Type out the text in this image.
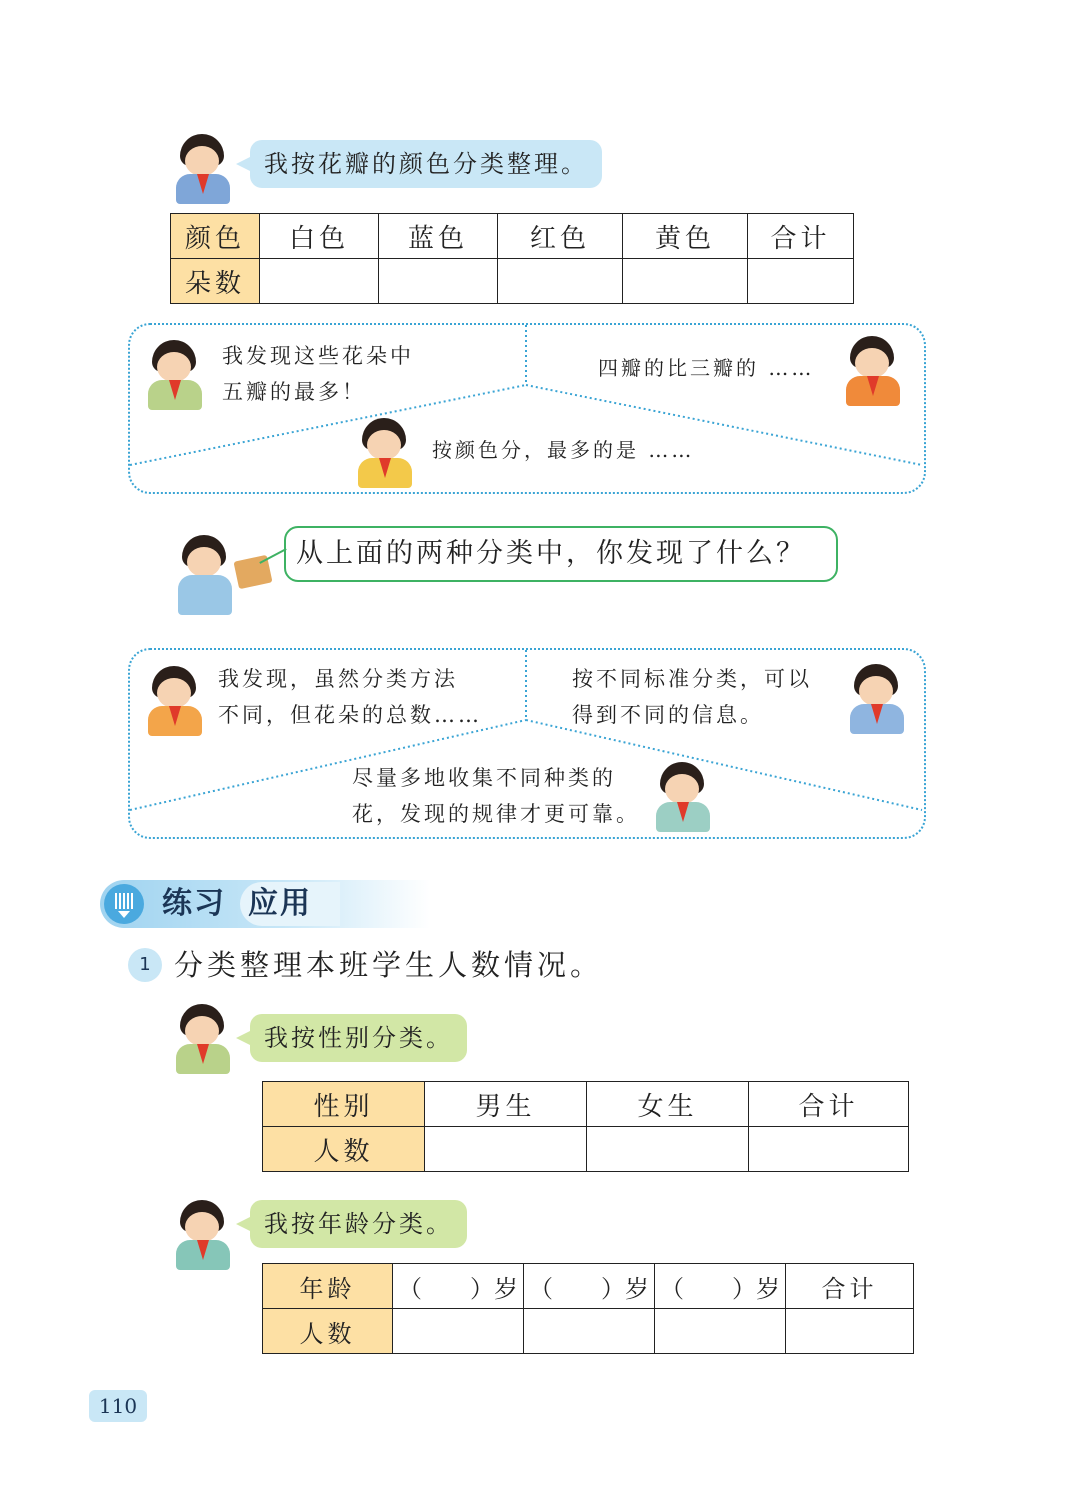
我按花瓣的颜色分类整理。
颜色	白色	蓝色	红色	黄色	合计
朵数					
我发现这些花朵中
五瓣的最多！
四瓣的比三瓣的 ……
按颜色分，最多的是 ……
从上面的两种分类中，你发现了什么？
我发现，虽然分类方法
不同，但花朵的总数……
按不同标准分类，可以
得到不同的信息。
尽量多地收集不同种类的
花，发现的规律才更可靠。
练习 应用
1 分类整理本班学生人数情况。
我按性别分类。
性别	男生	女生	合计
人数			
我按年龄分类。
年龄	（　　）岁	（　　）岁	（　　）岁	合计
人数				
110
